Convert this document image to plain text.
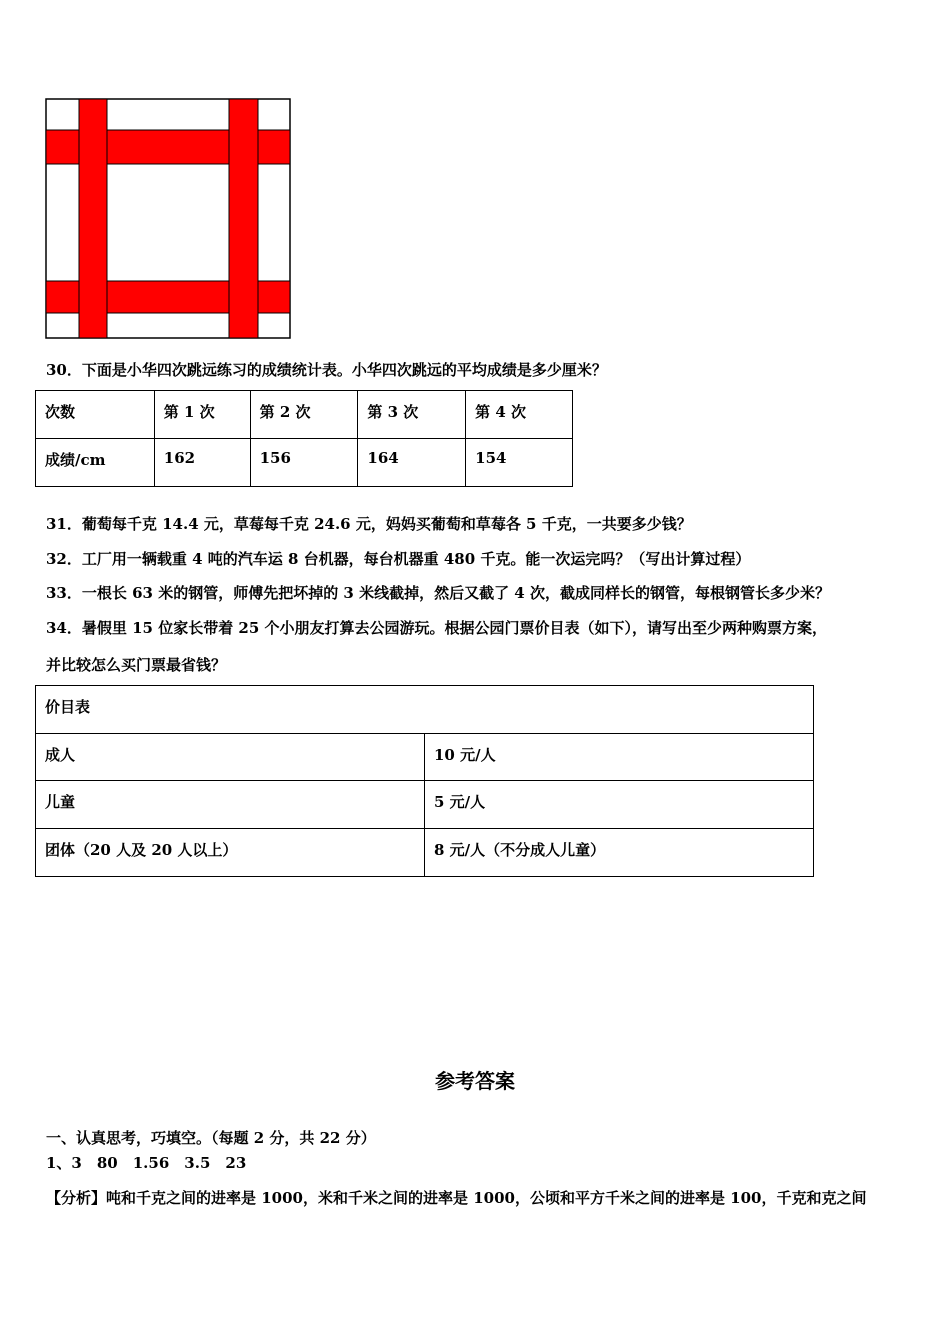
30．下面是小华四次跳远练习的成绩统计表。小华四次跳远的平均成绩是多少厘米？
次数	第 1 次	第 2 次	第 3 次	第 4 次
成绩/cm	162	156	164	154
31．葡萄每千克 14.4 元，草莓每千克 24.6 元，妈妈买葡萄和草莓各 5 千克，一共要多少钱？
32．工厂用一辆载重 4 吨的汽车运 8 台机器，每台机器重 480 千克。能一次运完吗？（写出计算过程）
33．一根长 63 米的钢管，师傅先把坏掉的 3 米线截掉，然后又截了 4 次，截成同样长的钢管，每根钢管长多少米？
34．暑假里 15 位家长带着 25 个小朋友打算去公园游玩。根据公园门票价目表（如下），请写出至少两种购票方案，
并比较怎么买门票最省钱？
价目表	
成人	10 元/人
儿童	5 元/人
团体（20 人及 20 人以上）	8 元/人（不分成人儿童）
参考答案
一、认真思考，巧填空。（每题 2 分，共 22 分）
1、3　80　1.56　3.5　23
【分析】吨和千克之间的进率是 1000，米和千米之间的进率是 1000，公顷和平方千米之间的进率是 100，千克和克之间
